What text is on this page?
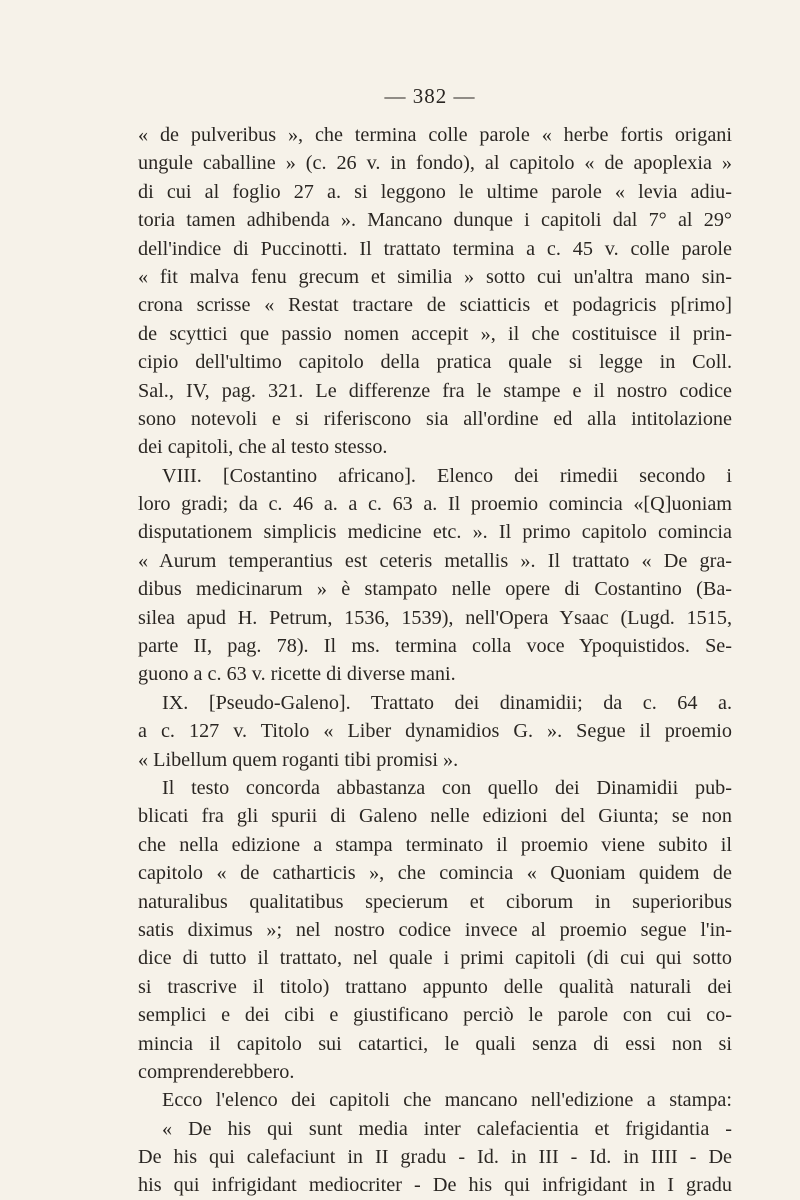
— 382 —
« de pulveribus », che termina colle parole « herbe fortis origani
ungule caballine » (c. 26 v. in fondo), al capitolo « de apoplexia »
di cui al foglio 27 a. si leggono le ultime parole « levia adiu-
toria tamen adhibenda ». Mancano dunque i capitoli dal 7° al 29°
dell'indice di Puccinotti. Il trattato termina a c. 45 v. colle parole
« fit malva fenu grecum et similia » sotto cui un'altra mano sin-
crona scrisse « Restat tractare de sciatticis et podagricis p[rimo]
de scyttici que passio nomen accepit », il che costituisce il prin-
cipio dell'ultimo capitolo della pratica quale si legge in Coll.
Sal., IV, pag. 321. Le differenze fra le stampe e il nostro codice
sono notevoli e si riferiscono sia all'ordine ed alla intitolazione
dei capitoli, che al testo stesso.
VIII. [Costantino africano]. Elenco dei rimedii secondo i
loro gradi; da c. 46 a. a c. 63 a. Il proemio comincia «[Q]uoniam
disputationem simplicis medicine etc. ». Il primo capitolo comincia
« Aurum temperantius est ceteris metallis ». Il trattato « De gra-
dibus medicinarum » è stampato nelle opere di Costantino (Ba-
silea apud H. Petrum, 1536, 1539), nell'Opera Ysaac (Lugd. 1515,
parte II, pag. 78). Il ms. termina colla voce Ypoquistidos. Se-
guono a c. 63 v. ricette di diverse mani.
IX. [Pseudo-Galeno]. Trattato dei dinamidii; da c. 64 a.
a c. 127 v. Titolo « Liber dynamidios G. ». Segue il proemio
« Libellum quem roganti tibi promisi ».
Il testo concorda abbastanza con quello dei Dinamidii pub-
blicati fra gli spurii di Galeno nelle edizioni del Giunta; se non
che nella edizione a stampa terminato il proemio viene subito il
capitolo « de catharticis », che comincia « Quoniam quidem de
naturalibus qualitatibus specierum et ciborum in superioribus
satis diximus »; nel nostro codice invece al proemio segue l'in-
dice di tutto il trattato, nel quale i primi capitoli (di cui qui sotto
si trascrive il titolo) trattano appunto delle qualità naturali dei
semplici e dei cibi e giustificano perciò le parole con cui co-
mincia il capitolo sui catartici, le quali senza di essi non si
comprenderebbero.
Ecco l'elenco dei capitoli che mancano nell'edizione a stampa:
« De his qui sunt media inter calefacientia et frigidantia -
De his qui calefaciunt in II gradu - Id. in III - Id. in IIII - De
his qui infrigidant mediocriter - De his qui infrigidant in I gradu
